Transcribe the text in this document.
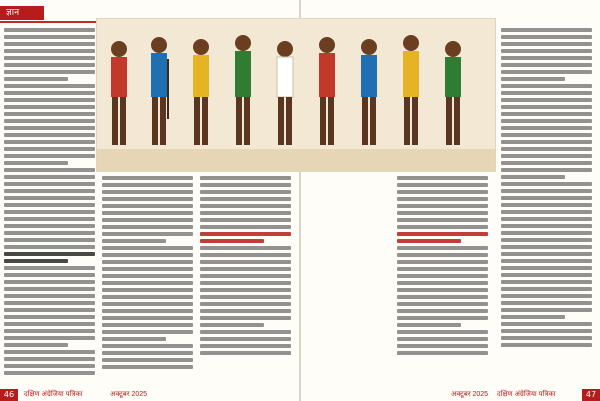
ज्ञान
46	दक्षिण अंग्रेजिया पत्रिका	अक्टूबर 2025	अक्टूबर 2025 दक्षिण अंग्रेजिया पत्रिका	47
